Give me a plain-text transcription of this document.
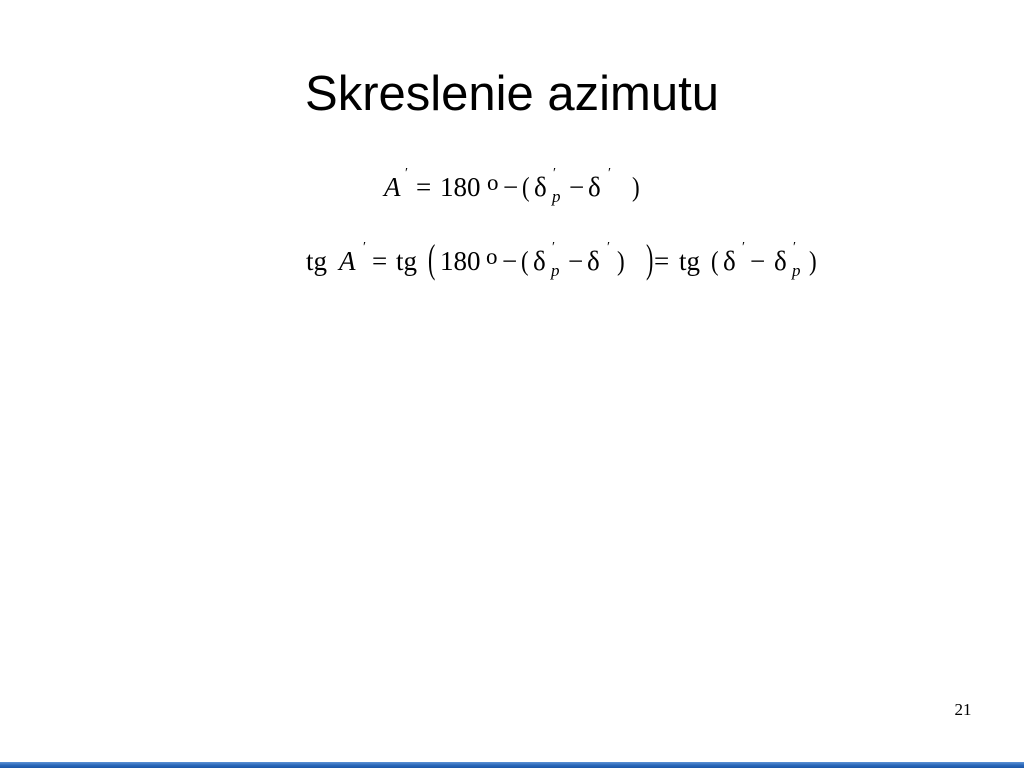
Skreslenie azimutu
A ′ = 180 o − ( δ ′
p − δ ′ )
tg A ′ = tg ( 180 o − ( δ ′
p − δ ′ ) ) = tg ( δ ′ − δ ′
p )
21
